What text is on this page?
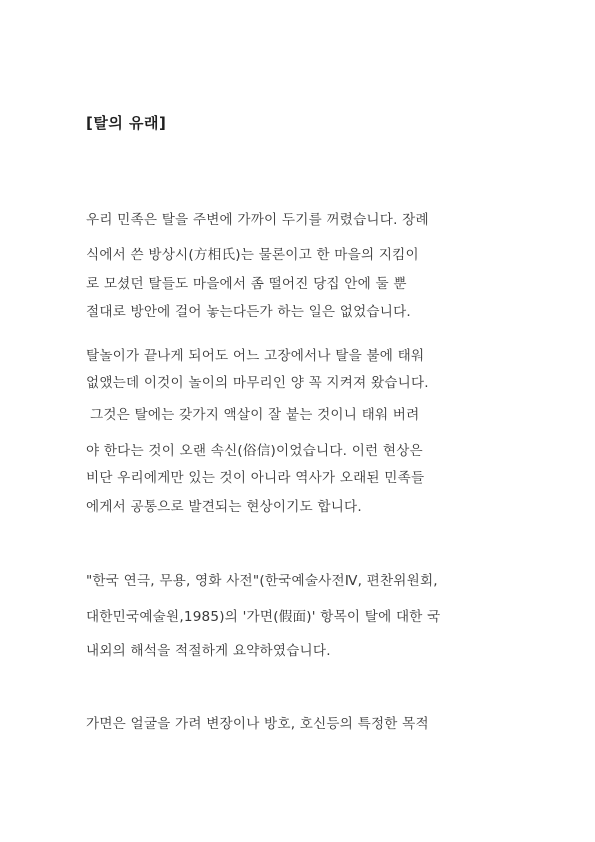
[탈의 유래]
우리 민족은 탈을 주변에 가까이 두기를 꺼렸습니다. 장례
식에서 쓴 방상시(方相氏)는 물론이고 한 마을의 지킴이
로 모셨던 탈들도 마을에서 좀 떨어진 당집 안에 둘 뿐
절대로 방안에 걸어 놓는다든가 하는 일은 없었습니다.
탈놀이가 끝나게 되어도 어느 고장에서나 탈을 불에 태워
없앴는데 이것이 놀이의 마무리인 양 꼭 지켜져 왔습니다.
그것은 탈에는 갖가지 액살이 잘 붙는 것이니 태워 버려
야 한다는 것이 오랜 속신(俗信)이었습니다. 이런 현상은
비단 우리에게만 있는 것이 아니라 역사가 오래된 민족들
에게서 공통으로 발견되는 현상이기도 합니다.
"한국 연극, 무용, 영화 사전"(한국예술사전Ⅳ, 편찬위원회,
대한민국예술원,1985)의 '가면(假面)' 항목이 탈에 대한 국
내외의 해석을 적절하게 요약하였습니다.
가면은 얼굴을 가려 변장이나 방호, 호신등의 특정한 목적
